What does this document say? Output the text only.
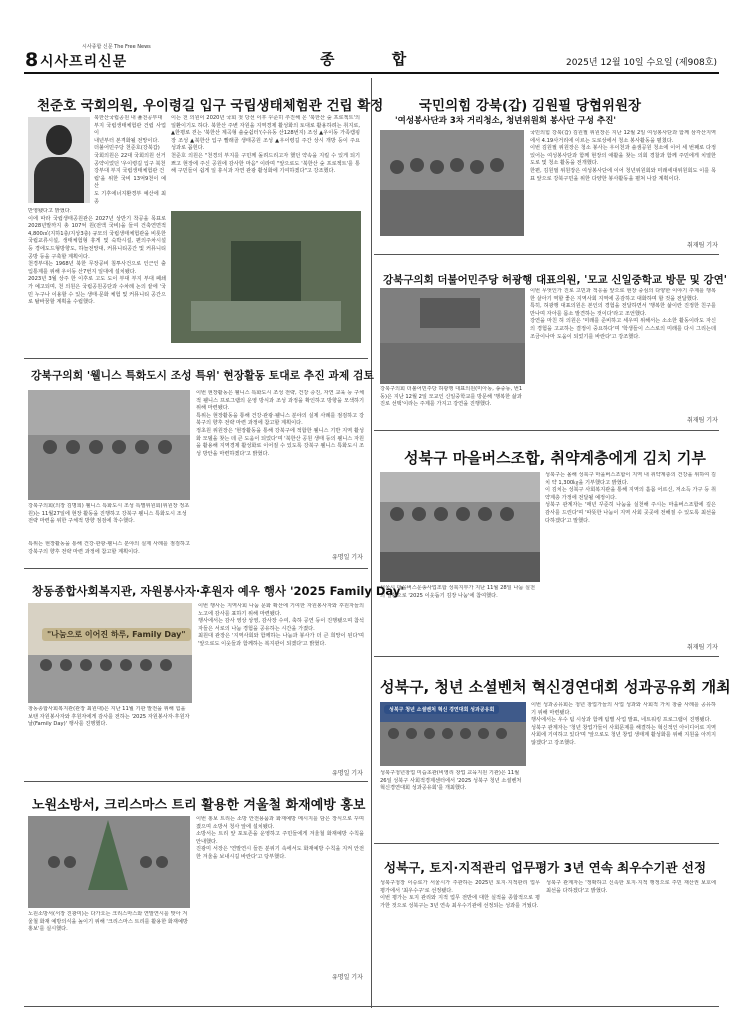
8 시사프리신문
시사종합 신문 The Free News
종 합	2025년 12월 10일 수요일 (제908호)
천준호 국회의원, 우이령길 입구 국립생태체험관 건립 확정
북한산국립공원 내 풀천공부대
부지 국립생태체험관 건립 사업이
내년부터 본격화될 전망이다.
더불어민주당 천준호(강북갑)
국회의원은 22대 국회의원 선거
공약이었던 '우이령길 입구 북천
강부대 부지 국립생태체험관 건
립'을 위한 국비 13억9천이 예산
도 기후에너지환경부 예산에 최종
반영됐다고 밝혔다.
이에 따라 국립생태공원관은 2027년 상반기 착공을 목표로 2028년말까지 총 107억 원(전액 국비)을 들여 건축연면적 4,800㎡(지하1층/지상3층) 규모의 국립생태체험관을 비롯한 국립교류시설, 생태체험형 휴게 및 숙박시설, 편의주차시설 등 경에도드형방향도, 하늘전망대, 커뮤니티공간 및 커뮤니티공방 등을 구축할 계획이다.
천경부대는 1968년 북한 무장공비 침투사건으로 인근인 출입통제를 위해 우이동 산7번지 일대에 설치됐다.
2023년 3월 상주 한 이후로 고도 도이 부대 부지 부대 폐쇄가 예고되며, 천 의원은 국립공원공단과 수차례 논의 끝에 '국민 누구나 이용할 수 있는 생태·문화 체험 및 커뮤니티 공간으로 탈바꿈할 계획을 수립했다.
이는 천 의원이 2020년 국회 첫 당선 이후 꾸준히 추진해 온 '북한산 숲 프로젝트'의 일환이기도 하다. 북한산 주변 자원을 지역경제 활성화의 토대로 활용하려는 취지로, ▲한평로 걷는 '북한산 계곡형 솔숲쉼터'(수유동 산128번지) 조성 ▲우이동 가족캠핑장 조성 ▲북한산 입구 빨래골 생태공원 조성 ▲우이령길 주간 상시 개방 등이 주요 성과로 꼽힌다.
천준호 의원은 "천경의 부지를 구민께 돌려드리고자 했던 약속을 지킬 수 있게 되기쁘고 현장에 주신 공원에 감사한 마음" 이라며 "앞으로도 '북한산 숲 프로젝트'를 통해 구민들이 쉽게 일 휴식과 자연 관광 활성화에 기여하겠다"고 강조했다.
국민의힘 강북(갑) 김원필 당협위원장
'여성봉사단과 3차 거리청소, 청년위원회 봉사단 구성 추진'
국민의힘 강북(갑) 김원필 위원장은 지난 12월 2일 여성봉사단과 함께 삼각산지역에서 4.19사거리에 이르는 도로상에서 청소 봉사활동을 펼쳤다.
이번 김원필 위원장은 청소 봉사는 우이천과 솔샘공원 청소에 이어 세 번째로 다정 있어는 여성봉사단과 함께 현장의 애활을 찾는 의회 경찰과 함께 주민에게 치열한 도로 및 청소 활동을 전개했다.
한편, 김원필 위원장은 여성봉사단에 이어 청년위원회와 미래세대위원회도 이를 목표 앞으로 강북구민을 위한 다양한 봉사활동을 펼쳐 나갈 계획이다.
취재팀 기자
강북구의회 더불어민주당 허광행 대표의원, '모교 신일중학교 방문 및 강연'
강북구의회 더불어민주당 허광행 대표의원(미아동, 송중동, 번1동)은 지난 12월 2일 모교인 신일중학교를 방문해 '행복한 삶과 진로 선택'이라는 주제를 가지고 강연을 진행했다.
이번 무엇인가 진로 고민과 적응을 앞으로 현장 중심의 다양한 이야기 주제를 행복한 살아기 역할 좋은 지역사회 지역에 공감하고 대화하며 할 것을 전달했다.
특히, 허광행 대표의원은 본인의 경험을 전달하면서 '행복한 삶이란 진정한 친구를 만나며 자아를 몸소 발견하는 것이다'라고 조언했다.
강연을 마친 허 의원은 '미래를 준비하고 세우며 위해서는 소소한 활동이라도 자신의 경험을 고교하는 결정이 중요하다'며 '학생들이 스스로의 미래를 다시 그리는데 조금이나마 도움이 되었기를 바란다'고 강조했다.
취재팀 기자
강북구의회 '웰니스 특화도시 조성 특위' 현장활동 토대로 추진 과제 검토
강북구의회(의장 김명희) 웰니스 특화도시 조성 특별위원회(위원장 정초원)는 11월27일에 현장 활동을 진행하고 강북구 웰니스 특화도시 조성 전략 마련을 위한 구체적 방향 점검에 착수했다.
이번 현장활동은 웰니스 특화도시 조성 전략, 건강 증진, 자연 교육 등 구체적 웰니스 프로그램의 운영 방식과 조성 과정을 확인하고 방향을 모색하기 위해 마련됐다.
특위는 현장활동을 통해 건강·관광·웰니스 분야의 실제 사례를 점검하고 강북구의 향후 전략 마련 과정에 참고할 계획이다.
정초원 위원장은 '현장활동을 통해 강북구에 적합한 웰니스 기반 지역 활성화 모델을 찾는 데 큰 도움이 되었다'며 '북한산 공원 생태 등의 웰니스 자원을 활용해 지역경제 활성화로 이어질 수 있도록 강북구 웰니스 특화도시 조성 방안을 마련하겠다'고 밝혔다.
특위는 현장활동을 통해 건강·관광·웰니스 분야의 실제 사례를 점검하고 강북구의 향후 전략 마련 과정에 참고할 계획이다.
유명일 기자
성북구 마을버스조합, 취약계층에게 김치 기부
서울시 마을버스운송사업조합 성북지부가 지난 11월 28일 나눔 실천의 일환으로 '2025 이웃돕기 김장 나눔'에 참여했다.
성북구는 올해 성북구 마을버스조합이 지역 내 취약계층의 건강을 위하여 김치 약 1,300㎏을 기부했다고 밝혔다.
이 김치는 성북구 사회복지관을 통해 지역의 홀몸 어르신, 저소득 가구 등 취약계층 가정에 전달될 예정이다.
성북구 관계자는 '매년 꾸준히 나눔을 실천해 주시는 마을버스조합에 깊은 감사를 드린다'며 '따뜻한 나눔이 지역 사회 곳곳에 전해질 수 있도록 최선을 다하겠다'고 말했다.
취재팀 기자
창동종합사회복지관, 자원봉사자·후원자 예우 행사 '2025 Family Day'
"나눔으로 이어진 하루, Family Day"
창동종합사회복지관(관장 최원대)은 지난 11월 기관 발전을 위해 힘을 보탠 자원봉사자와 후원자에게 감사를 전하는 '2025 자원봉사자·후원자 날(Family Day)' 행사를 진행했다.
이번 행사는 지역사회 나눔 문화 확산에 기여한 자원봉사자와 후원자들의 노고에 감사를 표하기 위해 마련됐다.
행사에서는 감사 영상 상영, 감사장 수여, 축하 공연 등이 진행됐으며 참석자들은 서로의 나눔 경험을 공유하는 시간을 가졌다.
최원대 관장은 '지역사회와 함께하는 나눔과 봉사가 더 큰 희망이 된다'며 '앞으로도 이웃들과 함께하는 복지관이 되겠다'고 밝혔다.
유명일 기자
성북구, 청년 소셜벤처 혁신경연대회 성과공유회 개최
성북구 청년 소셜벤처 혁신 경연대회 성과공유회
성북구청년창업 미습초관(비영리 창업 교육지원 기관)은 11월 26일 성북구 사회적경제센터에서 '2025 성북구 청년 소셜벤처 혁신경연대회 성과공유회'를 개최했다.
이번 성과공유회는 청년 창업가들의 사업 성과와 사회적 가치 창출 사례를 공유하기 위해 마련됐다.
행사에서는 우수 팀 시상과 함께 팀별 사업 발표, 네트워킹 프로그램이 진행됐다.
성북구 관계자는 '청년 창업가들이 사회문제를 해결하는 혁신적인 아이디어로 지역 사회에 기여하고 있다'며 '앞으로도 청년 창업 생태계 활성화를 위해 지원을 아끼지 않겠다'고 강조했다.
노원소방서, 크리스마스 트리 활용한 겨울철 화재예방 홍보
노원소방서(서장 진광미)는 다가오는 크리스마스와 연말연시를 맞아 겨울철 화재 예방의식을 높이기 위해 '크리스마스 트리를 활용한 화재예방 홍보'를 실시했다.
이번 홍보 트리는 소방 안전용품과 화재예방 메시지를 담은 장식으로 꾸며졌으며 소방서 청사 앞에 설치됐다.
소방서는 트리 앞 포토존을 운영하고 주민들에게 겨울철 화재예방 수칙을 안내했다.
진광미 서장은 '연말연시 들뜬 분위기 속에서도 화재예방 수칙을 지켜 안전한 겨울을 보내시길 바란다'고 당부했다.
유명일 기자
성북구, 토지·지적관리 업무평가 3년 연속 최우수기관 선정
성북구청장 이승로가 서울시가 주관하는 2025년 토지·지적관리 업무평가에서 '최우수구'로 선정됐다.
이번 평가는 토지 관리와 지적 업무 전반에 대한 실적을 종합적으로 평가한 것으로 성북구는 3년 연속 최우수기관에 선정되는 성과를 거뒀다.
성북구 관계자는 '정확하고 신속한 토지·지적 행정으로 주민 재산권 보호에 최선을 다하겠다'고 밝혔다.
